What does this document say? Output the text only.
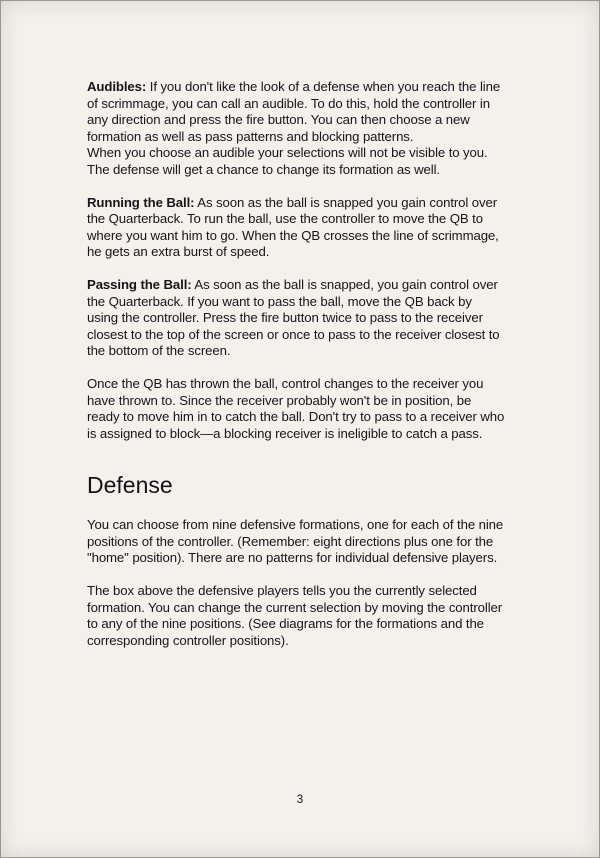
Audibles: If you don't like the look of a defense when you reach the line of scrimmage, you can call an audible. To do this, hold the controller in any direction and press the fire button. You can then choose a new formation as well as pass patterns and blocking patterns.

When you choose an audible your selections will not be visible to you. The defense will get a chance to change its formation as well.

Running the Ball: As soon as the ball is snapped you gain control over the Quarterback. To run the ball, use the controller to move the QB to where you want him to go. When the QB crosses the line of scrimmage, he gets an extra burst of speed.

Passing the Ball: As soon as the ball is snapped, you gain control over the Quarterback. If you want to pass the ball, move the QB back by using the controller. Press the fire button twice to pass to the receiver closest to the top of the screen or once to pass to the receiver closest to the bottom of the screen.

Once the QB has thrown the ball, control changes to the receiver you have thrown to. Since the receiver probably won't be in position, be ready to move him in to catch the ball. Don't try to pass to a receiver who is assigned to block—a blocking receiver is ineligible to catch a pass.

Defense

You can choose from nine defensive formations, one for each of the nine positions of the controller. (Remember: eight directions plus one for the "home" position). There are no patterns for individual defensive players.

The box above the defensive players tells you the currently selected formation. You can change the current selection by moving the controller to any of the nine positions. (See diagrams for the formations and the corresponding controller positions).

3
